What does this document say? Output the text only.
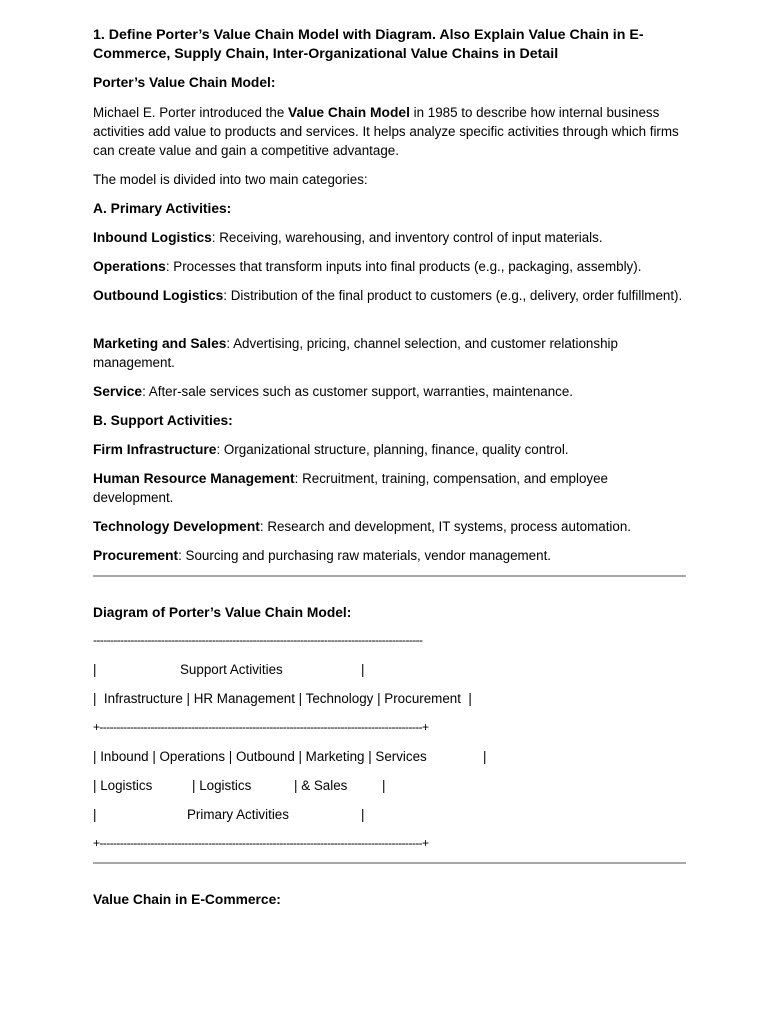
1. Define Porter’s Value Chain Model with Diagram. Also Explain Value Chain in E-Commerce, Supply Chain, Inter-Organizational Value Chains in Detail
Porter’s Value Chain Model:
Michael E. Porter introduced the Value Chain Model in 1985 to describe how internal business activities add value to products and services. It helps analyze specific activities through which firms can create value and gain a competitive advantage.
The model is divided into two main categories:
A. Primary Activities:
Inbound Logistics: Receiving, warehousing, and inventory control of input materials.
Operations: Processes that transform inputs into final products (e.g., packaging, assembly).
Outbound Logistics: Distribution of the final product to customers (e.g., delivery, order fulfillment).
Marketing and Sales: Advertising, pricing, channel selection, and customer relationship management.
Service: After-sale services such as customer support, warranties, maintenance.
B. Support Activities:
Firm Infrastructure: Organizational structure, planning, finance, quality control.
Human Resource Management: Recruitment, training, compensation, and employee development.
Technology Development: Research and development, IT systems, process automation.
Procurement: Sourcing and purchasing raw materials, vendor management.
Diagram of Porter’s Value Chain Model:
-------------------------------------------------------------------------------------------------
|	Support Activities	|
|  Infrastructure | HR Management | Technology | Procurement  |
+-----------------------------------------------------------------------------------------------+
| Inbound | Operations | Outbound | Marketing | Services	|
| Logistics	| Logistics	| & Sales	|
|	Primary Activities	|
+-----------------------------------------------------------------------------------------------+
Value Chain in E-Commerce:
